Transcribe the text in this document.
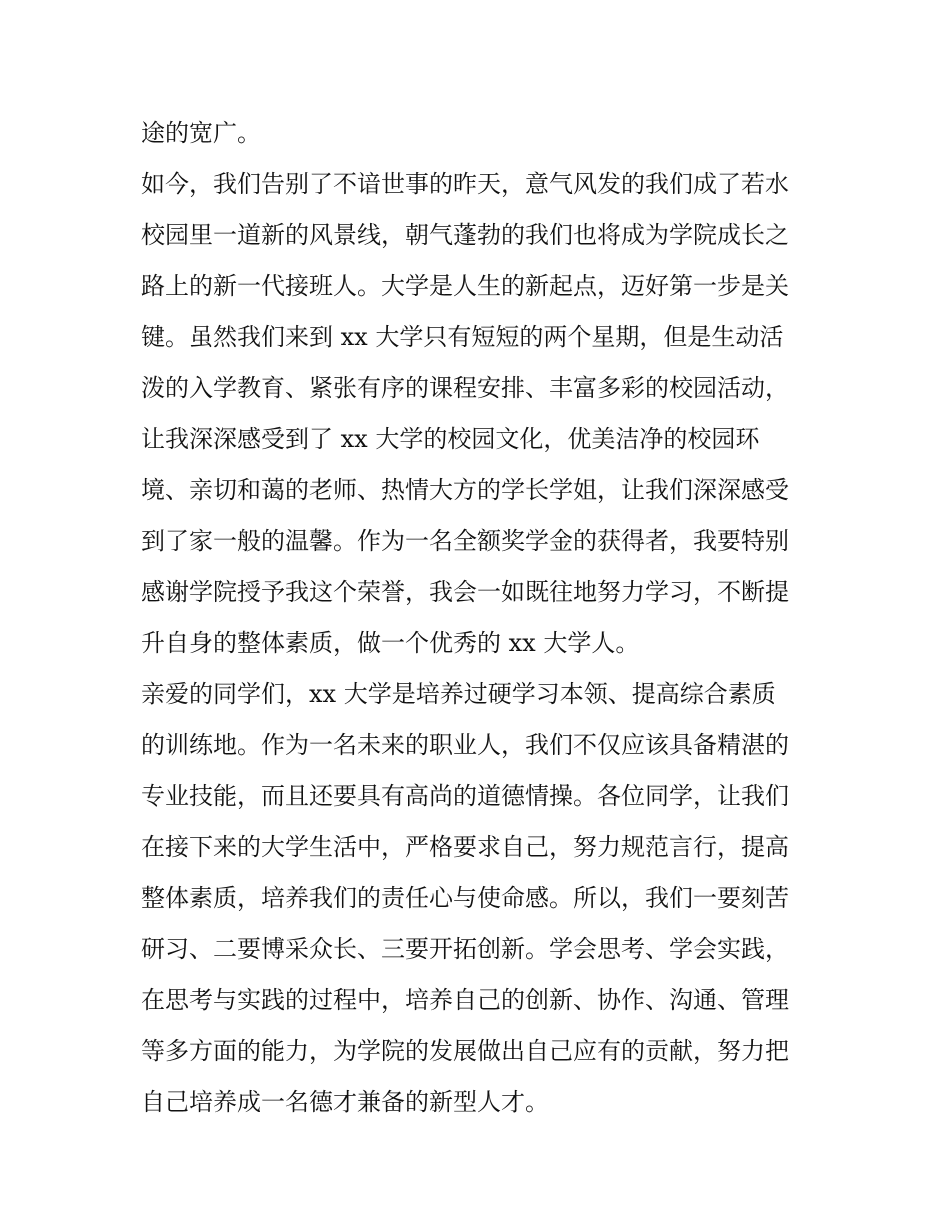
途的宽广。
如今，我们告别了不谙世事的昨天，意气风发的我们成了若水
校园里一道新的风景线，朝气蓬勃的我们也将成为学院成长之
路上的新一代接班人。大学是人生的新起点，迈好第一步是关
键。虽然我们来到 xx 大学只有短短的两个星期，但是生动活
泼的入学教育、紧张有序的课程安排、丰富多彩的校园活动，
让我深深感受到了 xx 大学的校园文化，优美洁净的校园环
境、亲切和蔼的老师、热情大方的学长学姐，让我们深深感受
到了家一般的温馨。作为一名全额奖学金的获得者，我要特别
感谢学院授予我这个荣誉，我会一如既往地努力学习，不断提
升自身的整体素质，做一个优秀的 xx 大学人。
亲爱的同学们，xx 大学是培养过硬学习本领、提高综合素质
的训练地。作为一名未来的职业人，我们不仅应该具备精湛的
专业技能，而且还要具有高尚的道德情操。各位同学，让我们
在接下来的大学生活中，严格要求自己，努力规范言行，提高
整体素质，培养我们的责任心与使命感。所以，我们一要刻苦
研习、二要博采众长、三要开拓创新。学会思考、学会实践，
在思考与实践的过程中，培养自己的创新、协作、沟通、管理
等多方面的能力，为学院的发展做出自己应有的贡献，努力把
自己培养成一名德才兼备的新型人才。
